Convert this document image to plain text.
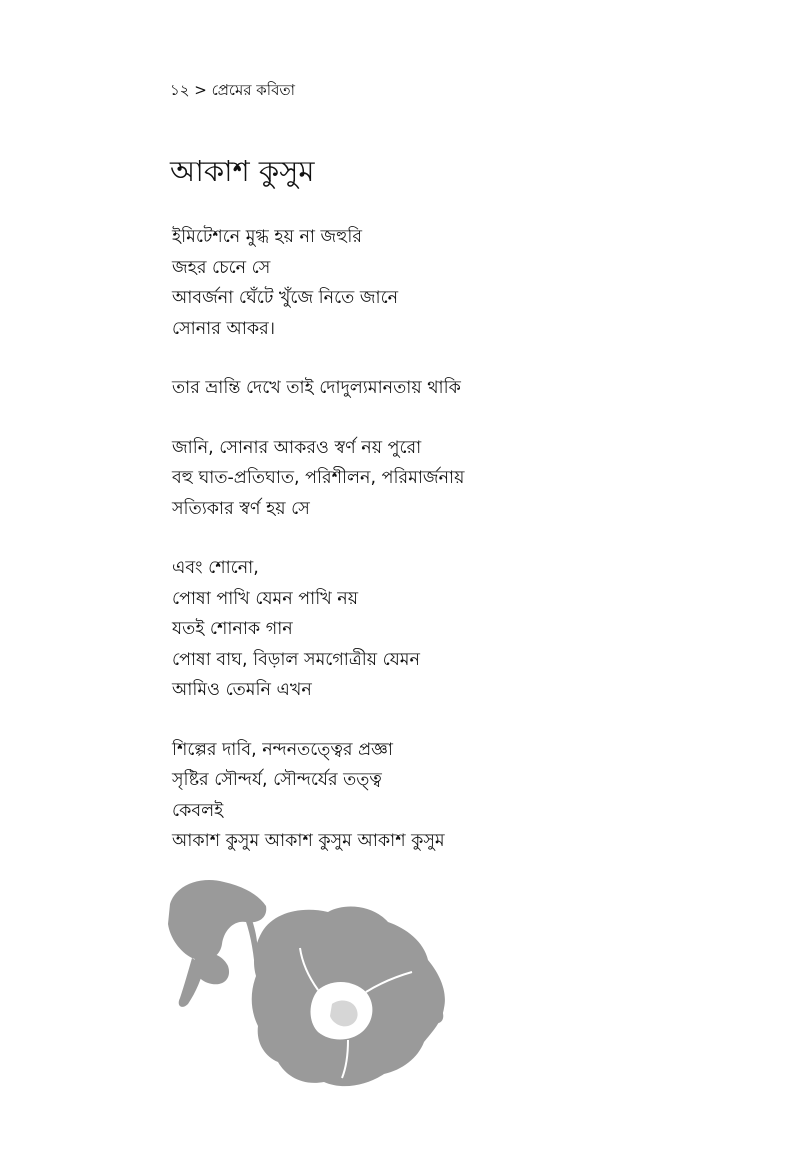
১২ > প্রেমের কবিতা
আকাশ কুসুম
ইমিটেশনে মুগ্ধ হয় না জহুরি
জহর চেনে সে
আবর্জনা ঘেঁটে খুঁজে নিতে জানে
সোনার আকর।
তার ভ্রান্তি দেখে তাই দোদুল্যমানতায় থাকি
জানি, সোনার আকরও স্বর্ণ নয় পুরো
বহু ঘাত-প্রতিঘাত, পরিশীলন, পরিমার্জনায়
সত্যিকার স্বর্ণ হয় সে
এবং শোনো,
পোষা পাখি যেমন পাখি নয়
যতই শোনাক গান
পোষা বাঘ, বিড়াল সমগোত্রীয় যেমন
আমিও তেমনি এখন
শিল্পের দাবি, নন্দনতত্ত্বের প্রজ্ঞা
সৃষ্টির সৌন্দর্য, সৌন্দর্যের তত্ত্ব
কেবলই
আকাশ কুসুম আকাশ কুসুম আকাশ কুসুম
